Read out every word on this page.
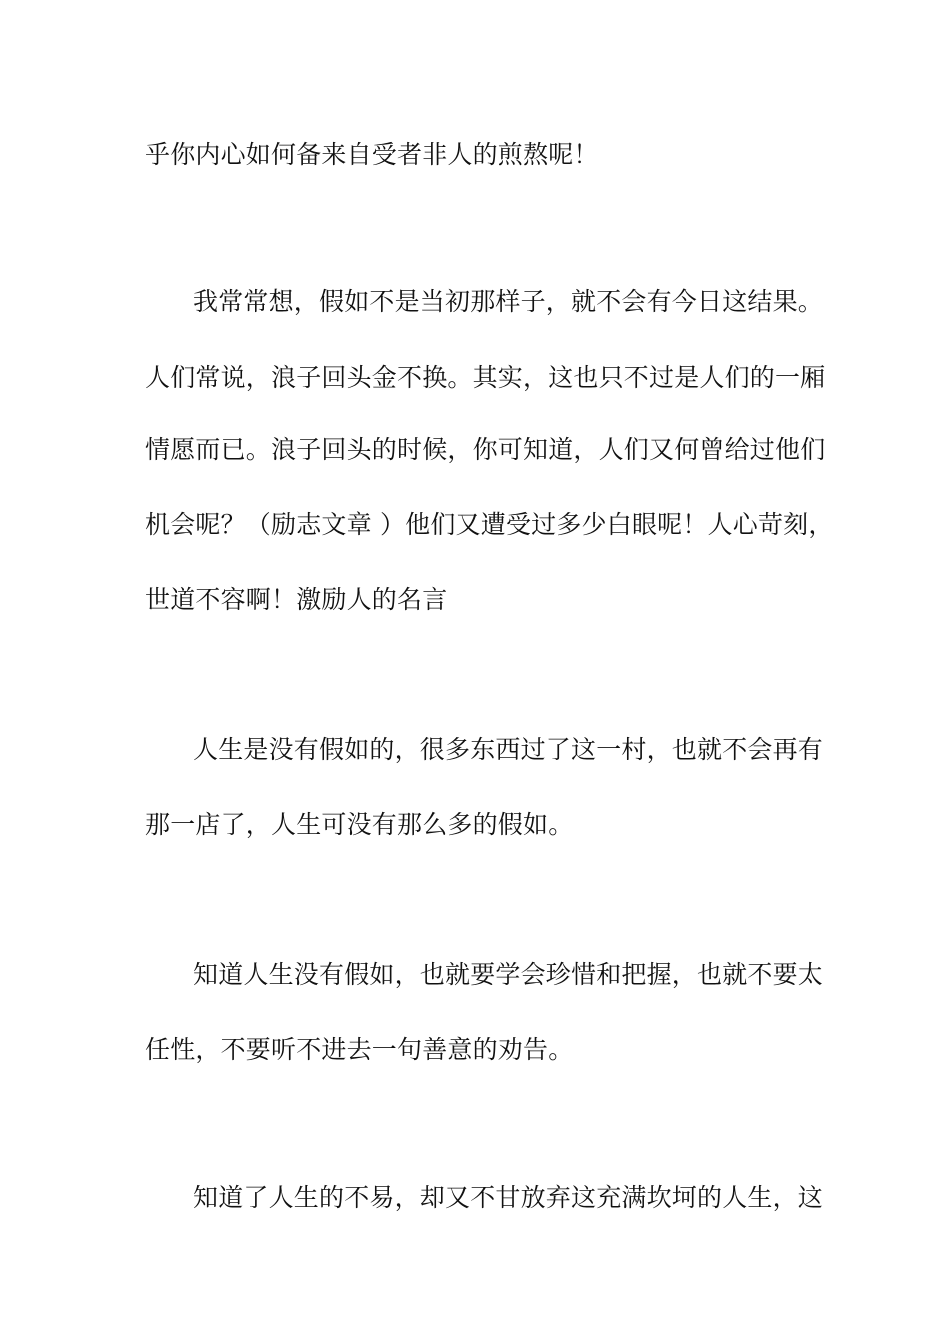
乎你内心如何备来自受者非人的煎熬呢！
我常常想，假如不是当初那样子，就不会有今日这结果。
人们常说，浪子回头金不换。其实，这也只不过是人们的一厢
情愿而已。浪子回头的时候，你可知道，人们又何曾给过他们
机会呢？（励志文章 ）他们又遭受过多少白眼呢！人心苛刻，
世道不容啊！激励人的名言
人生是没有假如的，很多东西过了这一村，也就不会再有
那一店了，人生可没有那么多的假如。
知道人生没有假如，也就要学会珍惜和把握，也就不要太
任性，不要听不进去一句善意的劝告。
知道了人生的不易，却又不甘放弃这充满坎坷的人生，这
